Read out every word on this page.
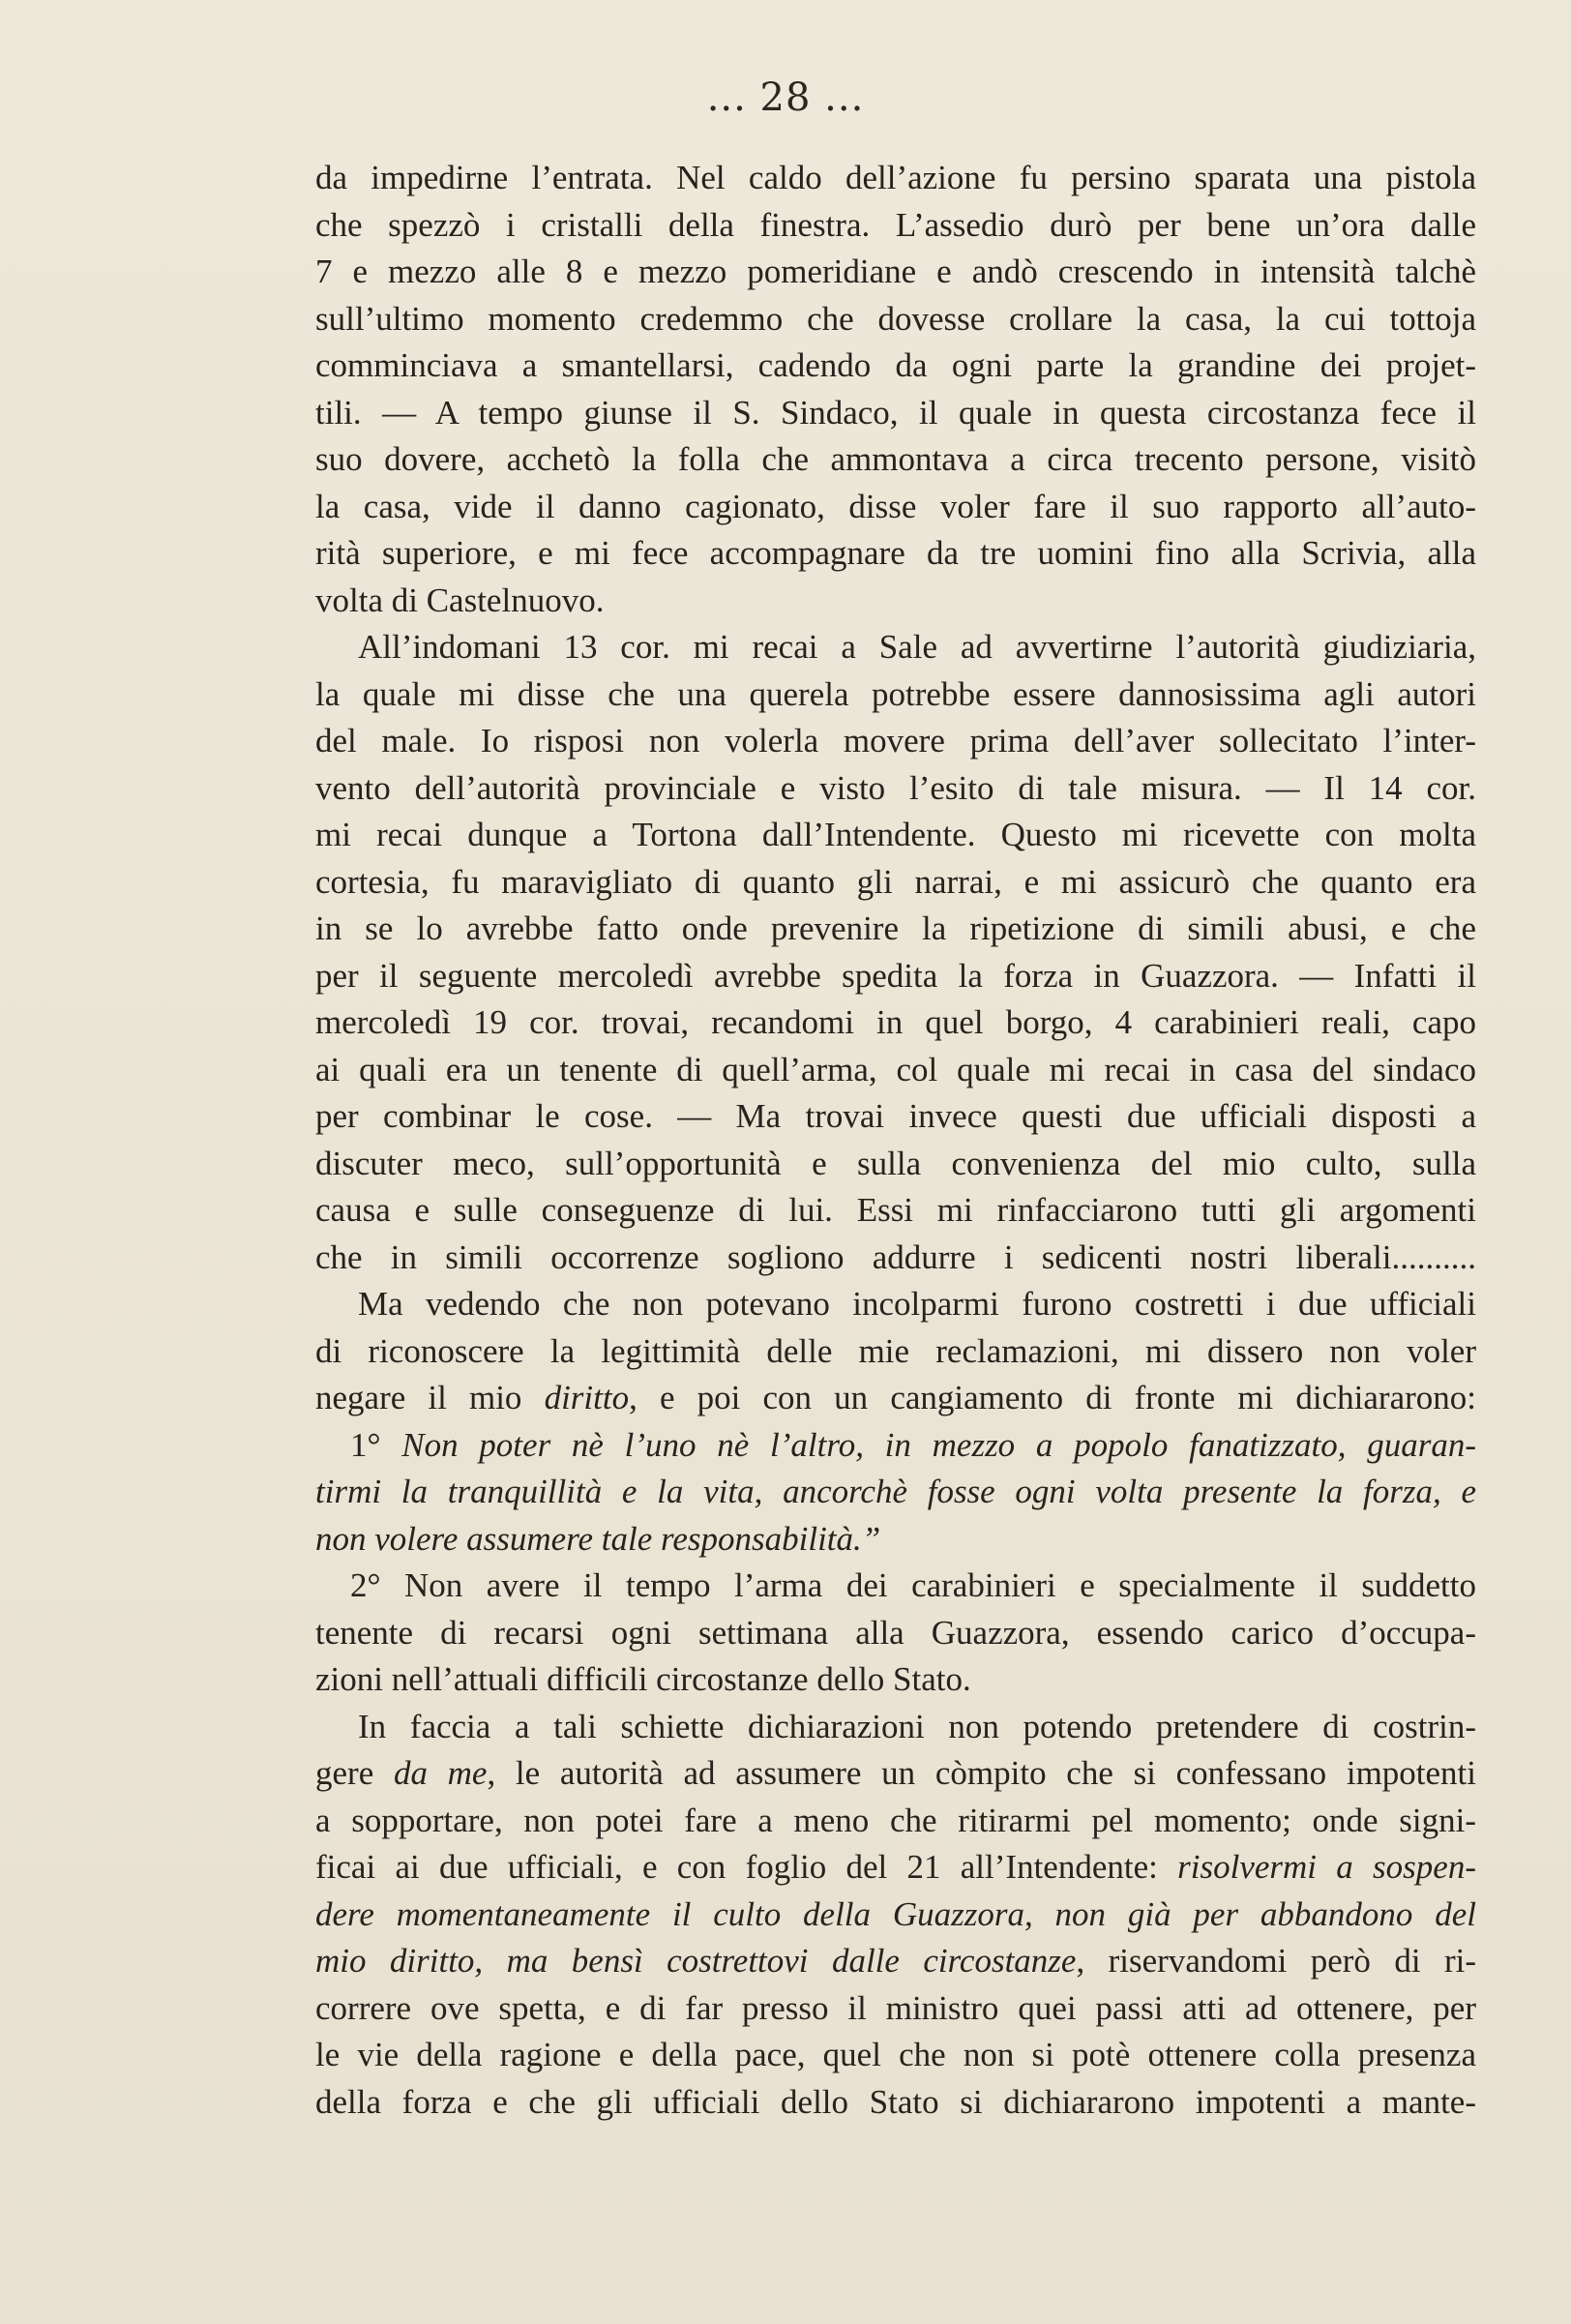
... 28 ...
da impedirne l’entrata. Nel caldo dell’azione fu persino sparata una pistola
che spezzò i cristalli della finestra. L’assedio durò per bene un’ora dalle
7 e mezzo alle 8 e mezzo pomeridiane e andò crescendo in intensità talchè
sull’ultimo momento credemmo che dovesse crollare la casa, la cui tottoja
comminciava a smantellarsi, cadendo da ogni parte la grandine dei projet-
tili. — A tempo giunse il S. Sindaco, il quale in questa circostanza fece il
suo dovere, acchetò la folla che ammontava a circa trecento persone, visitò
la casa, vide il danno cagionato, disse voler fare il suo rapporto all’auto-
rità superiore, e mi fece accompagnare da tre uomini fino alla Scrivia, alla
volta di Castelnuovo.
All’indomani 13 cor. mi recai a Sale ad avvertirne l’autorità giudiziaria,
la quale mi disse che una querela potrebbe essere dannosissima agli autori
del male. Io risposi non volerla movere prima dell’aver sollecitato l’inter-
vento dell’autorità provinciale e visto l’esito di tale misura. — Il 14 cor.
mi recai dunque a Tortona dall’Intendente. Questo mi ricevette con molta
cortesia, fu maravigliato di quanto gli narrai, e mi assicurò che quanto era
in se lo avrebbe fatto onde prevenire la ripetizione di simili abusi, e che
per il seguente mercoledì avrebbe spedita la forza in Guazzora. — Infatti il
mercoledì 19 cor. trovai, recandomi in quel borgo, 4 carabinieri reali, capo
ai quali era un tenente di quell’arma, col quale mi recai in casa del sindaco
per combinar le cose. — Ma trovai invece questi due ufficiali disposti a
discuter meco, sull’opportunità e sulla convenienza del mio culto, sulla
causa e sulle conseguenze di lui. Essi mi rinfacciarono tutti gli argomenti
che in simili occorrenze sogliono addurre i sedicenti nostri liberali..........
Ma vedendo che non potevano incolparmi furono costretti i due ufficiali
di riconoscere la legittimità delle mie reclamazioni, mi dissero non voler
negare il mio diritto, e poi con un cangiamento di fronte mi dichiararono:
1° Non poter nè l’uno nè l’altro, in mezzo a popolo fanatizzato, guaran-
tirmi la tranquillità e la vita, ancorchè fosse ogni volta presente la forza, e
non volere assumere tale responsabilità.”
2° Non avere il tempo l’arma dei carabinieri e specialmente il suddetto
tenente di recarsi ogni settimana alla Guazzora, essendo carico d’occupa-
zioni nell’attuali difficili circostanze dello Stato.
In faccia a tali schiette dichiarazioni non potendo pretendere di costrin-
gere da me, le autorità ad assumere un còmpito che si confessano impotenti
a sopportare, non potei fare a meno che ritirarmi pel momento; onde signi-
ficai ai due ufficiali, e con foglio del 21 all’Intendente: risolvermi a sospen-
dere momentaneamente il culto della Guazzora, non già per abbandono del
mio diritto, ma bensì costrettovi dalle circostanze, riservandomi però di ri-
correre ove spetta, e di far presso il ministro quei passi atti ad ottenere, per
le vie della ragione e della pace, quel che non si potè ottenere colla presenza
della forza e che gli ufficiali dello Stato si dichiararono impotenti a mante-
